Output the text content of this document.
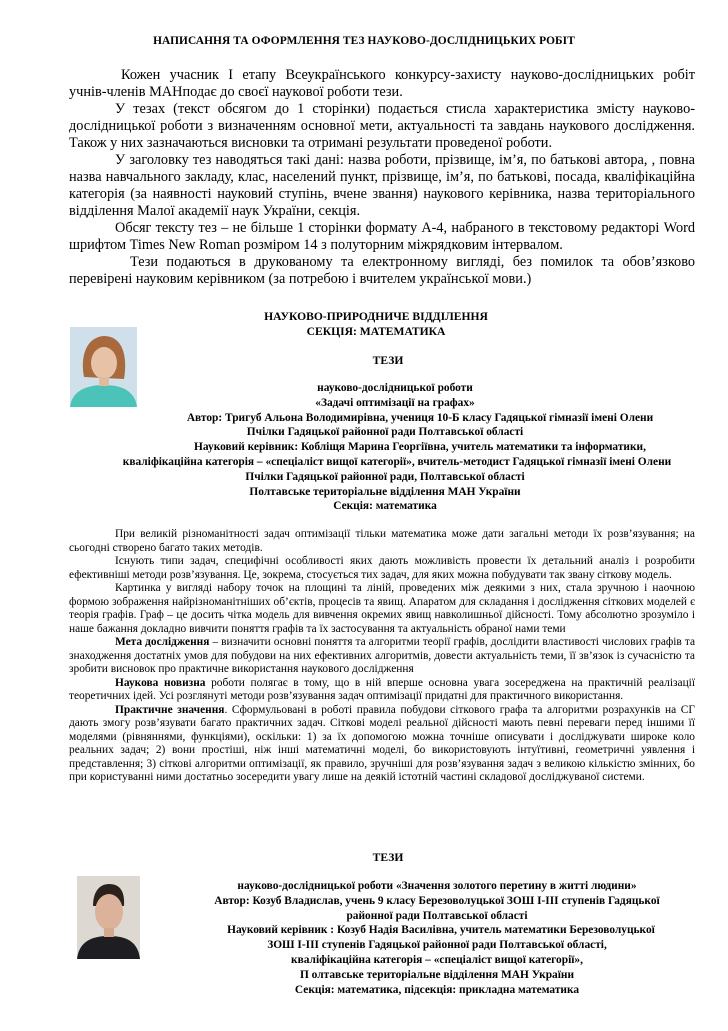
НАПИСАННЯ ТА ОФОРМЛЕННЯ ТЕЗ НАУКОВО-ДОСЛІДНИЦЬКИХ РОБІТ

Кожен учасник І етапу Всеукраїнського конкурсу-захисту науково-дослідницьких робіт учнів-членів МАНподає до своєї наукової роботи тези.

У тезах (текст обсягом до 1 сторінки) подається стисла характеристика змісту науково-дослідницької роботи з визначенням основної мети, актуальності та завдань наукового дослідження. Також у них зазначаються висновки та отримані результати проведеної роботи.

У заголовку тез наводяться такі дані: назва роботи, прізвище, ім’я, по батькові автора, , повна назва навчального закладу, клас, населений пункт, прізвище, ім’я, по батькові, посада, кваліфікаційна категорія (за наявності науковий ступінь, вчене звання) наукового керівника, назва територіального відділення Малої академії наук України, секція.

Обсяг тексту тез – не більше 1 сторінки формату А-4, набраного в текстовому редакторі Word шрифтом Times New Roman розміром 14 з полуторним міжрядковим інтервалом.

Тези подаються в друкованому та електронному вигляді, без помилок та обов’язково перевірені науковим керівником (за потребою і вчителем української мови.)

НАУКОВО-ПРИРОДНИЧЕ ВІДДІЛЕННЯ
СЕКЦІЯ: МАТЕМАТИКА
ТЕЗИ
науково-дослідницької роботи
«Задачі оптимізації на графах»
Автор: Тригуб Альона Володимирівна, учениця 10-Б класу Гадяцької гімназії імені Олени
Пчілки Гадяцької районної ради Полтавської області
Науковий керівник: Кобліщя Марина Георгіївна, учитель математики та інформатики,
кваліфікаційна категорія – «спеціаліст вищої категорії», вчитель-методист Гадяцької гімназії імені Олени
Пчілки Гадяцької районної ради, Полтавської області
Полтавське територіальне відділення МАН України
Секція: математика

При великій різноманітності задач оптимізації тільки математика може дати загальні методи їх розв’язування; на сьогодні створено багато таких методів.

Існують типи задач, специфічні особливості яких дають можливість провести їх детальний аналіз і розробити ефективніші методи розв’язування. Це, зокрема, стосується тих задач, для яких можна побудувати так звану сіткову модель.

Картинка у вигляді набору точок на площині та ліній, проведених між деякими з них, стала зручною і наочною формою зображення найрізноманітніших об’єктів, процесів та явищ. Апаратом для складання і дослідження сіткових моделей є теорія графів. Граф – це досить чітка модель для вивчення окремих явищ навколишньої дійсності. Тому абсолютно зрозуміло і наше бажання докладно вивчити поняття графів та їх застосування та актуальність обраної нами теми

Мета дослідження – визначити основні поняття та алгоритми теорії графів, дослідити властивості числових графів та знаходження достатніх умов для побудови на них ефективних алгоритмів, довести актуальність теми, її зв’язок із сучасністю та зробити висновок про практичне використання наукового дослідження

Наукова новизна роботи полягає в тому, що в ній вперше основна увага зосереджена на практичній реалізації теоретичних ідей. Усі розглянуті методи розв’язування задач оптимізації придатні для практичного використання.

Практичне значення. Сформульовані в роботі правила побудови сіткового графа та алгоритми розрахунків на СГ дають змогу розв’язувати багато практичних задач. Сіткові моделі реальної дійсності мають певні переваги перед іншими її моделями (рівняннями, функціями), оскільки: 1) за їх допомогою можна точніше описувати і досліджувати широке коло реальних задач; 2) вони простіші, ніж інші математичні моделі, бо використовують інтуїтивні, геометричні уявлення і представлення; 3) сіткові алгоритми оптимізації, як правило, зручніші для розв’язування задач з великою кількістю змінних, бо при користуванні ними достатньо зосередити увагу лише на деякій істотній частині складової досліджуваної системи.

ТЕЗИ
науково-дослідницької роботи «Значення золотого перетину в житті людини»
Автор: Козуб Владислав, учень 9 класу Березоволуцької ЗОШ І-ІІІ ступенів Гадяцької
районної ради Полтавської області
Науковий керівник : Козуб Надія Василівна, учитель математики Березоволуцької
ЗОШ І-ІІІ ступенів Гадяцької районної ради Полтавської області,
кваліфікаційна категорія – «спеціаліст вищої категорії»,
П олтавське територіальне відділення МАН України
Секція: математика, підсекція: прикладна математика
